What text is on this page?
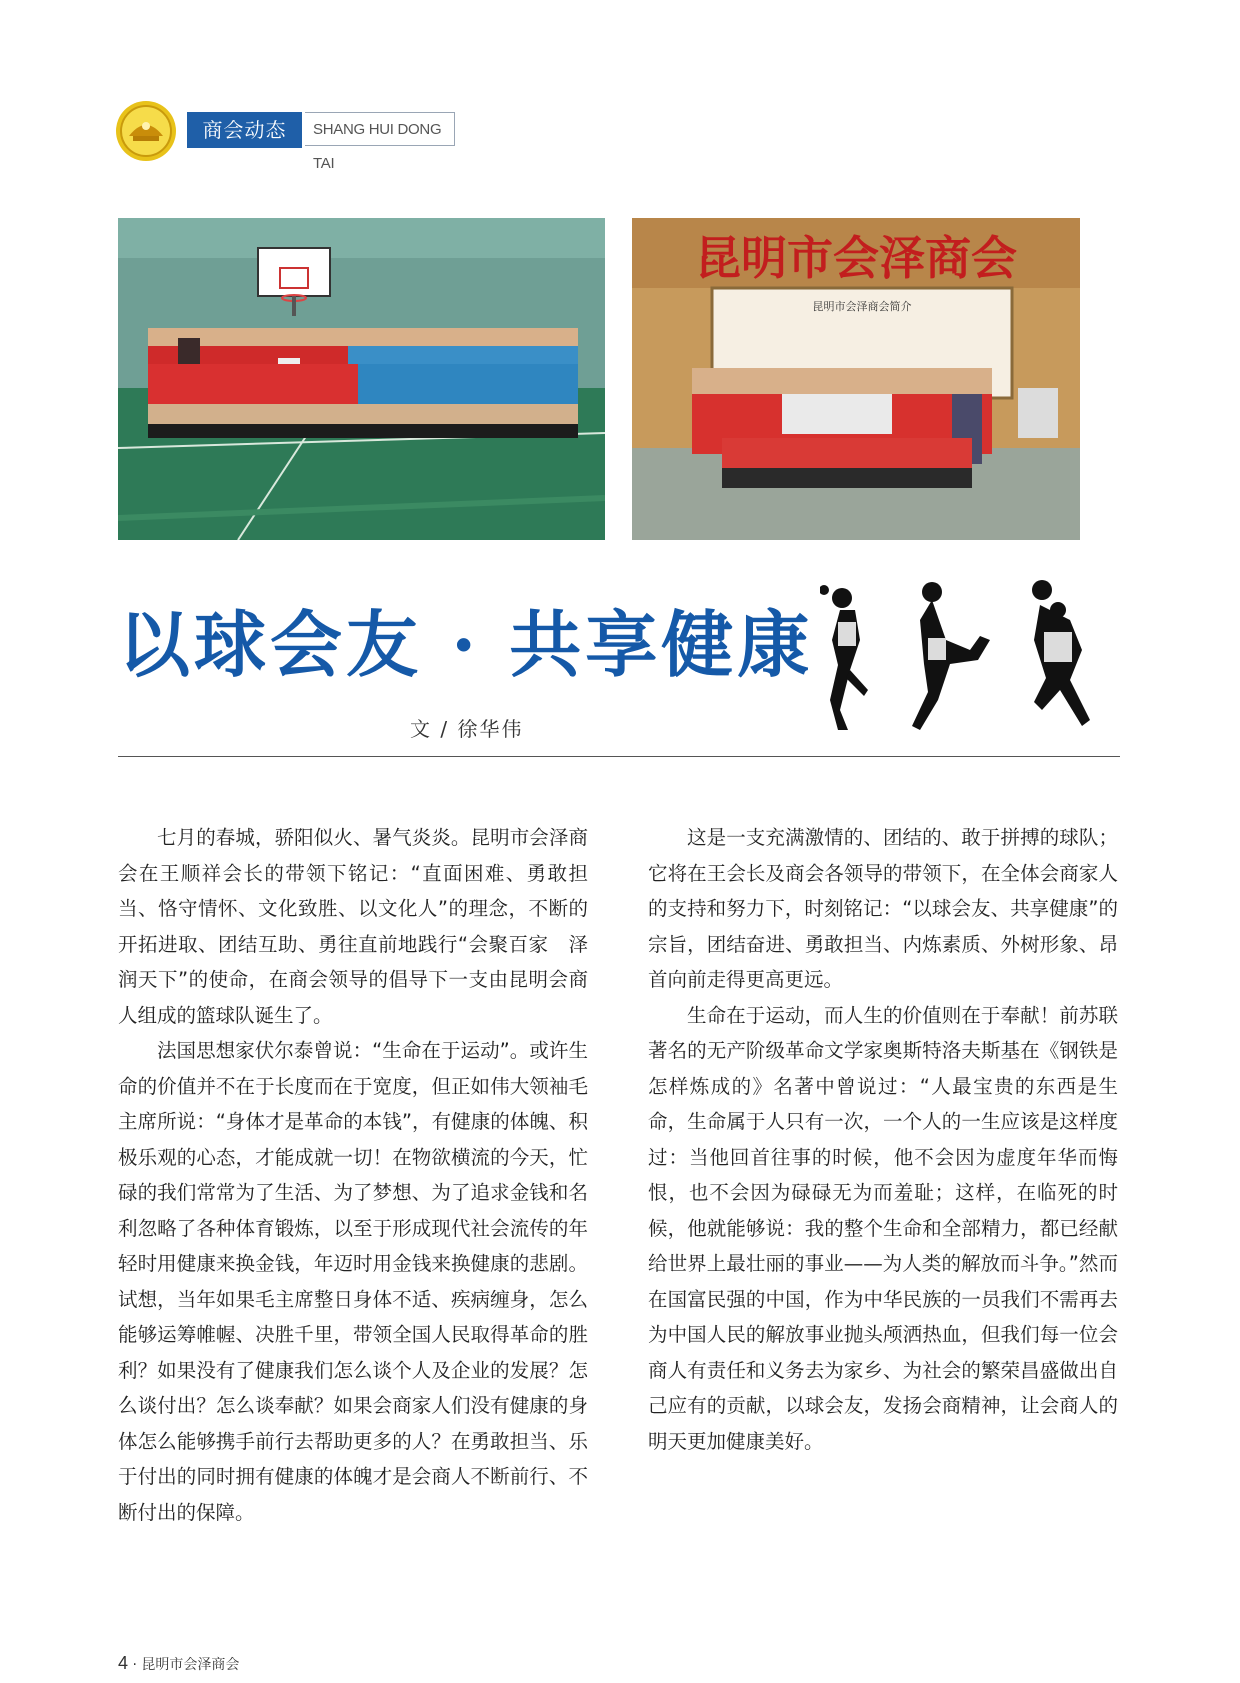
商会动态	SHANG HUI DONG TAI
昆明市会泽商会
昆明市会泽商会简介
以球会友 · 共享健康
文 / 徐华伟

七月的春城，骄阳似火、暑气炎炎。昆明市会泽商会在王顺祥会长的带领下铭记：“直面困难、勇敢担当、恪守情怀、文化致胜、以文化人”的理念，不断的开拓进取、团结互助、勇往直前地践行“会聚百家　泽润天下”的使命，在商会领导的倡导下一支由昆明会商人组成的篮球队诞生了。

法国思想家伏尔泰曾说：“生命在于运动”。或许生命的价值并不在于长度而在于宽度，但正如伟大领袖毛主席所说：“身体才是革命的本钱”，有健康的体魄、积极乐观的心态，才能成就一切！在物欲横流的今天，忙碌的我们常常为了生活、为了梦想、为了追求金钱和名利忽略了各种体育锻炼，以至于形成现代社会流传的年轻时用健康来换金钱，年迈时用金钱来换健康的悲剧。试想，当年如果毛主席整日身体不适、疾病缠身，怎么能够运筹帷幄、决胜千里，带领全国人民取得革命的胜利？如果没有了健康我们怎么谈个人及企业的发展？怎么谈付出？怎么谈奉献？如果会商家人们没有健康的身体怎么能够携手前行去帮助更多的人？在勇敢担当、乐于付出的同时拥有健康的体魄才是会商人不断前行、不断付出的保障。

这是一支充满激情的、团结的、敢于拼搏的球队；它将在王会长及商会各领导的带领下，在全体会商家人的支持和努力下，时刻铭记：“以球会友、共享健康”的宗旨，团结奋进、勇敢担当、内炼素质、外树形象、昂首向前走得更高更远。

生命在于运动，而人生的价值则在于奉献！前苏联著名的无产阶级革命文学家奥斯特洛夫斯基在《钢铁是怎样炼成的》名著中曾说过：“人最宝贵的东西是生命，生命属于人只有一次，一个人的一生应该是这样度过：当他回首往事的时候，他不会因为虚度年华而悔恨，也不会因为碌碌无为而羞耻；这样，在临死的时候，他就能够说：我的整个生命和全部精力，都已经献给世界上最壮丽的事业——为人类的解放而斗争。”然而在国富民强的中国，作为中华民族的一员我们不需再去为中国人民的解放事业抛头颅洒热血，但我们每一位会商人有责任和义务去为家乡、为社会的繁荣昌盛做出自己应有的贡献，以球会友，发扬会商精神，让会商人的明天更加健康美好。

4 · 昆明市会泽商会
